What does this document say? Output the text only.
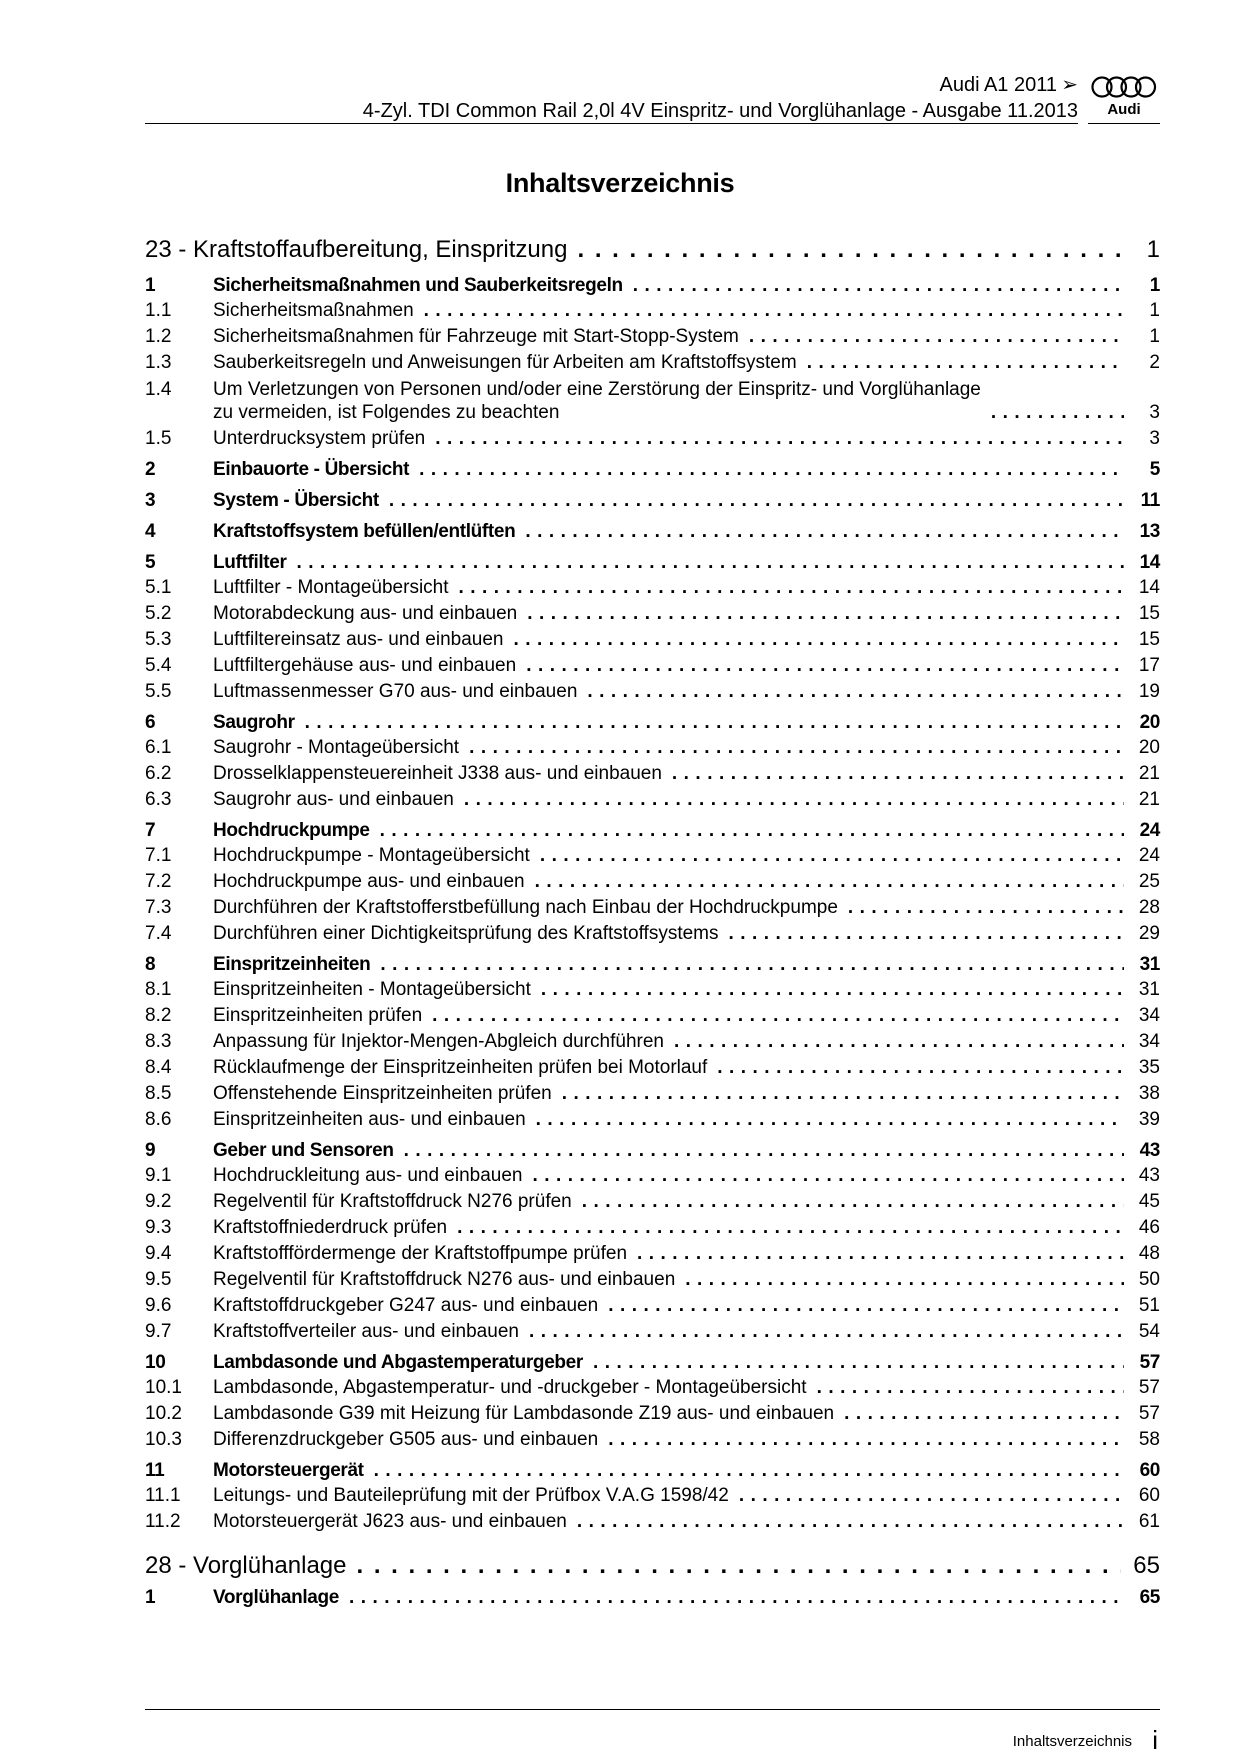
Audi A1 2011 ➢
4-Zyl. TDI Common Rail 2,0l 4V Einspritz- und Vorglühanlage - Ausgabe 11.2013 Audi
Inhaltsverzeichnis
23 - Kraftstoffaufbereitung, Einspritzung . . .	1
1	Sicherheitsmaßnahmen und Sauberkeitsregeln . . .	1
1.1	Sicherheitsmaßnahmen . . .	1
1.2	Sicherheitsmaßnahmen für Fahrzeuge mit Start-Stopp-System . . .	1
1.3	Sauberkeitsregeln und Anweisungen für Arbeiten am Kraftstoffsystem . . .	2
1.4	Um Verletzungen von Personen und/oder eine Zerstörung der Einspritz- und Vorglühanlage
zu vermeiden, ist Folgendes zu beachten . . .	3
1.5	Unterdrucksystem prüfen . . .	3
2	Einbauorte - Übersicht . . .	5
3	System - Übersicht . . .	11
4	Kraftstoffsystem befüllen/entlüften . . .	13
5	Luftfilter . . .	14
5.1	Luftfilter - Montageübersicht . . .	14
5.2	Motorabdeckung aus- und einbauen . . .	15
5.3	Luftfiltereinsatz aus- und einbauen . . .	15
5.4	Luftfiltergehäuse aus- und einbauen . . .	17
5.5	Luftmassenmesser G70 aus- und einbauen . . .	19
6	Saugrohr . . .	20
6.1	Saugrohr - Montageübersicht . . .	20
6.2	Drosselklappensteuereinheit J338 aus- und einbauen . . .	21
6.3	Saugrohr aus- und einbauen . . .	21
7	Hochdruckpumpe . . .	24
7.1	Hochdruckpumpe - Montageübersicht . . .	24
7.2	Hochdruckpumpe aus- und einbauen . . .	25
7.3	Durchführen der Kraftstofferstbefüllung nach Einbau der Hochdruckpumpe . . .	28
7.4	Durchführen einer Dichtigkeitsprüfung des Kraftstoffsystems . . .	29
8	Einspritzeinheiten . . .	31
8.1	Einspritzeinheiten - Montageübersicht . . .	31
8.2	Einspritzeinheiten prüfen . . .	34
8.3	Anpassung für Injektor-Mengen-Abgleich durchführen . . .	34
8.4	Rücklaufmenge der Einspritzeinheiten prüfen bei Motorlauf . . .	35
8.5	Offenstehende Einspritzeinheiten prüfen . . .	38
8.6	Einspritzeinheiten aus- und einbauen . . .	39
9	Geber und Sensoren . . .	43
9.1	Hochdruckleitung aus- und einbauen . . .	43
9.2	Regelventil für Kraftstoffdruck N276 prüfen . . .	45
9.3	Kraftstoffniederdruck prüfen . . .	46
9.4	Kraftstofffördermenge der Kraftstoffpumpe prüfen . . .	48
9.5	Regelventil für Kraftstoffdruck N276 aus- und einbauen . . .	50
9.6	Kraftstoffdruckgeber G247 aus- und einbauen . . .	51
9.7	Kraftstoffverteiler aus- und einbauen . . .	54
10	Lambdasonde und Abgastemperaturgeber . . .	57
10.1	Lambdasonde, Abgastemperatur- und -druckgeber - Montageübersicht . . .	57
10.2	Lambdasonde G39 mit Heizung für Lambdasonde Z19 aus- und einbauen . . .	57
10.3	Differenzdruckgeber G505 aus- und einbauen . . .	58
11	Motorsteuergerät . . .	60
11.1	Leitungs- und Bauteileprüfung mit der Prüfbox V.A.G 1598/42 . . .	60
11.2	Motorsteuergerät J623 aus- und einbauen . . .	61
28 - Vorglühanlage . . .	65
1	Vorglühanlage . . .	65
Inhaltsverzeichnis i
